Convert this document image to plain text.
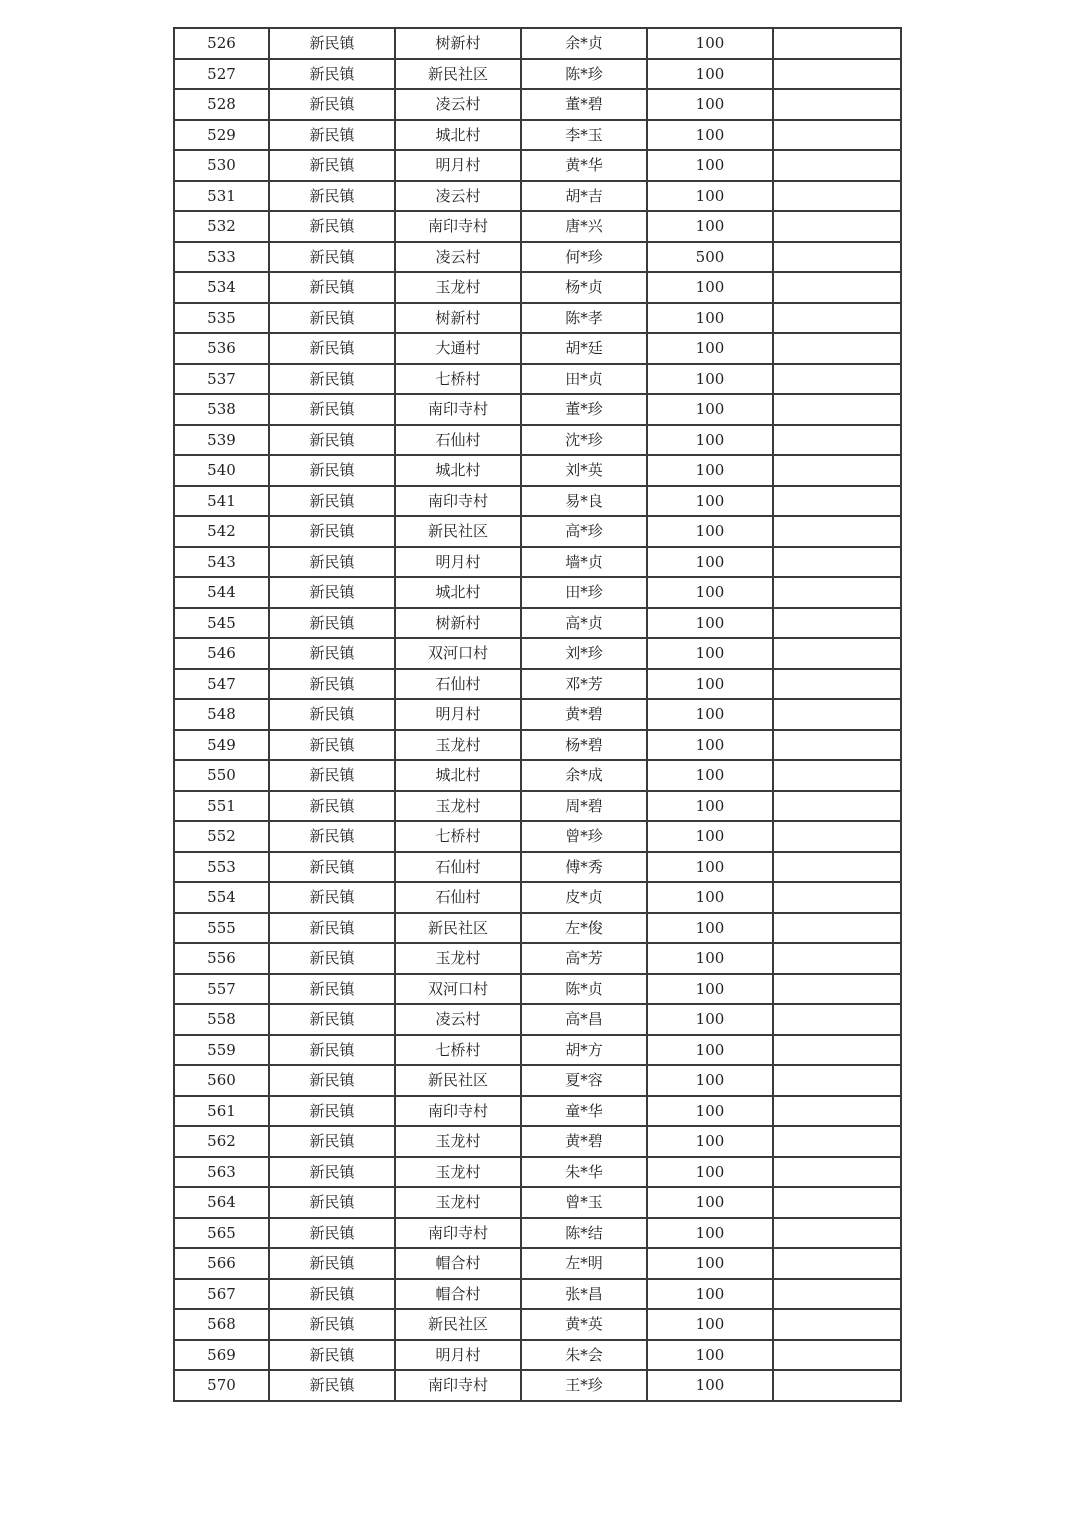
526	新民镇	树新村	余*贞	100	
527	新民镇	新民社区	陈*珍	100	
528	新民镇	凌云村	董*碧	100	
529	新民镇	城北村	李*玉	100	
530	新民镇	明月村	黄*华	100	
531	新民镇	凌云村	胡*吉	100	
532	新民镇	南印寺村	唐*兴	100	
533	新民镇	凌云村	何*珍	500	
534	新民镇	玉龙村	杨*贞	100	
535	新民镇	树新村	陈*孝	100	
536	新民镇	大通村	胡*廷	100	
537	新民镇	七桥村	田*贞	100	
538	新民镇	南印寺村	董*珍	100	
539	新民镇	石仙村	沈*珍	100	
540	新民镇	城北村	刘*英	100	
541	新民镇	南印寺村	易*良	100	
542	新民镇	新民社区	高*珍	100	
543	新民镇	明月村	墙*贞	100	
544	新民镇	城北村	田*珍	100	
545	新民镇	树新村	高*贞	100	
546	新民镇	双河口村	刘*珍	100	
547	新民镇	石仙村	邓*芳	100	
548	新民镇	明月村	黄*碧	100	
549	新民镇	玉龙村	杨*碧	100	
550	新民镇	城北村	余*成	100	
551	新民镇	玉龙村	周*碧	100	
552	新民镇	七桥村	曾*珍	100	
553	新民镇	石仙村	傅*秀	100	
554	新民镇	石仙村	皮*贞	100	
555	新民镇	新民社区	左*俊	100	
556	新民镇	玉龙村	高*芳	100	
557	新民镇	双河口村	陈*贞	100	
558	新民镇	凌云村	高*昌	100	
559	新民镇	七桥村	胡*方	100	
560	新民镇	新民社区	夏*容	100	
561	新民镇	南印寺村	童*华	100	
562	新民镇	玉龙村	黄*碧	100	
563	新民镇	玉龙村	朱*华	100	
564	新民镇	玉龙村	曾*玉	100	
565	新民镇	南印寺村	陈*结	100	
566	新民镇	帽合村	左*明	100	
567	新民镇	帽合村	张*昌	100	
568	新民镇	新民社区	黄*英	100	
569	新民镇	明月村	朱*会	100	
570	新民镇	南印寺村	王*珍	100	
